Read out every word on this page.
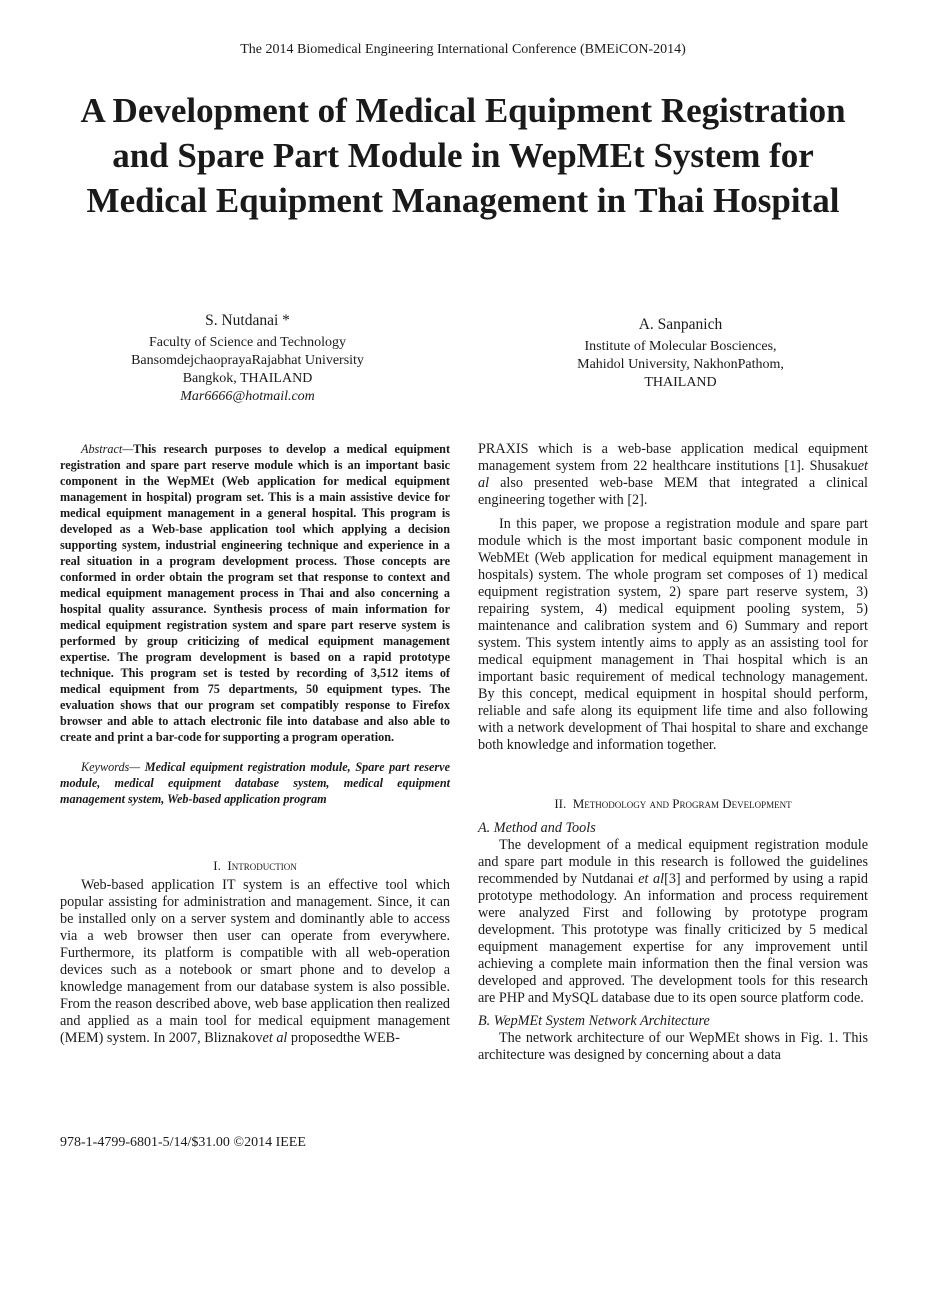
The 2014 Biomedical Engineering International Conference (BMEiCON-2014)
A Development of Medical Equipment Registration and Spare Part Module in WepMEt System for Medical Equipment Management in Thai Hospital
S. Nutdanai *
Faculty of Science and Technology
BansomdejchaoprayaRajabhat University
Bangkok, THAILAND
Mar6666@hotmail.com
A. Sanpanich
Institute of Molecular Bosciences,
Mahidol University, NakhonPathom,
THAILAND

Abstract—This research purposes to develop a medical equipment registration and spare part reserve module which is an important basic component in the WepMEt (Web application for medical equipment management in hospital) program set. This is a main assistive device for medical equipment management in a general hospital. This program is developed as a Web-base application tool which applying a decision supporting system, industrial engineering technique and experience in a real situation in a program development process. Those concepts are conformed in order obtain the program set that response to context and medical equipment management process in Thai and also concerning a hospital quality assurance. Synthesis process of main information for medical equipment registration system and spare part reserve system is performed by group criticizing of medical equipment management expertise. The program development is based on a rapid prototype technique. This program set is tested by recording of 3,512 items of medical equipment from 75 departments, 50 equipment types. The evaluation shows that our program set compatibly response to Firefox browser and able to attach electronic file into database and also able to create and print a bar-code for supporting a program operation.

Keywords— Medical equipment registration module, Spare part reserve module, medical equipment database system, medical equipment management system, Web-based application program

I. Introduction

Web-based application IT system is an effective tool which popular assisting for administration and management. Since, it can be installed only on a server system and dominantly able to access via a web browser then user can operate from everywhere. Furthermore, its platform is compatible with all web-operation devices such as a notebook or smart phone and to develop a knowledge management from our database system is also possible. From the reason described above, web base application then realized and applied as a main tool for medical equipment management (MEM) system. In 2007, Bliznakovet al proposedthe WEB-

PRAXIS which is a web-base application medical equipment management system from 22 healthcare institutions [1]. Shusakuet al also presented web-base MEM that integrated a clinical engineering together with [2].

In this paper, we propose a registration module and spare part module which is the most important basic component module in WebMEt (Web application for medical equipment management in hospitals) system. The whole program set composes of 1) medical equipment registration system, 2) spare part reserve system, 3) repairing system, 4) medical equipment pooling system, 5) maintenance and calibration system and 6) Summary and report system. This system intently aims to apply as an assisting tool for medical equipment management in Thai hospital which is an important basic requirement of medical technology management. By this concept, medical equipment in hospital should perform, reliable and safe along its equipment life time and also following with a network development of Thai hospital to share and exchange both knowledge and information together.

II. Methodology and Program Development

A. Method and Tools

The development of a medical equipment registration module and spare part module in this research is followed the guidelines recommended by Nutdanai et al[3] and performed by using a rapid prototype methodology. An information and process requirement were analyzed First and following by prototype program development. This prototype was finally criticized by 5 medical equipment management expertise for any improvement until achieving a complete main information then the final version was developed and approved. The development tools for this research are PHP and MySQL database due to its open source platform code.

B. WepMEt System Network Architecture

The network architecture of our WepMEt shows in Fig. 1. This architecture was designed by concerning about a data

978-1-4799-6801-5/14/$31.00 ©2014 IEEE
